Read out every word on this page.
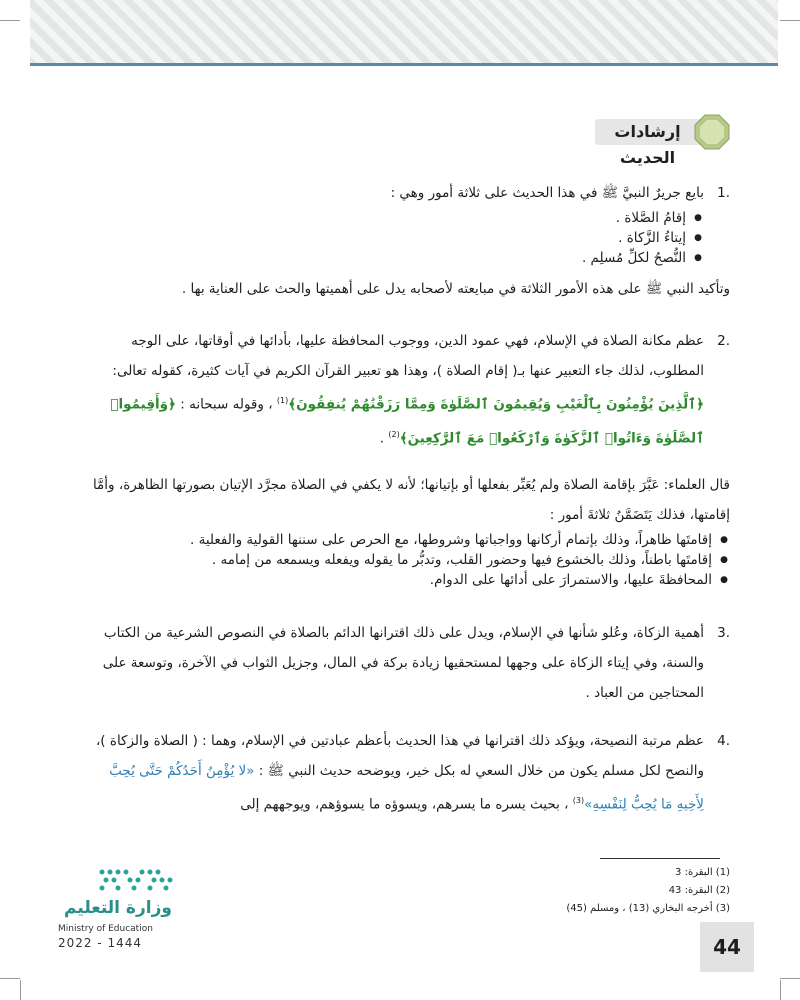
إرشادات الحديث
1.
بايع جريرٌ النبيَّ ﷺ في هذا الحديث على ثلاثة أمور وهي :
● إقامُ الصَّلاة .
● إيتاءُ الزَّكاة .
● النُّصحُ لكلِّ مُسلِم .
وتأكيد النبي ﷺ على هذه الأمور الثلاثة في مبايعته لأصحابه يدل على أهميتها والحث على العناية بها .
2.
عظم مكانة الصلاة في الإسلام، فهي عمود الدين، ووجوب المحافظة عليها، بأدائها في أوقاتها، على الوجه المطلوب، لذلك جاء التعبير عنها بـ( إقام الصلاة )، وهذا هو تعبير القرآن الكريم في آيات كثيرة، كقوله تعالى: ﴿ٱلَّذِينَ يُؤْمِنُونَ بِٱلْغَيْبِ وَيُقِيمُونَ ٱلصَّلَوٰةَ وَمِمَّا رَزَقْنَٰهُمْ يُنفِقُونَ﴾$^{(1)}$ ، وقوله سبحانه : ﴿وَأَقِيمُوا۟ ٱلصَّلَوٰةَ وَءَاتُوا۟ ٱلزَّكَوٰةَ وَٱرْكَعُوا۟ مَعَ ٱلرَّٰكِعِينَ﴾$^{(2)}$ .
قال العلماء: عَبَّرَ بإقامة الصلاة ولم يُعَبِّر بفعلها أو بإتيانها؛ لأنه لا يكفي في الصلاة مجرَّد الإتيان بصورتها الظاهرة، وأمَّا إقامتها، فذلك يَتَضَمَّنُ ثلاثةَ أمور :
● إقامتَها ظاهراً، وذلك بإتمام أركانها وواجباتها وشروطها، مع الحرص على سننها القولية والفعلية .
● إقامتَها باطناً، وذلك بالخشوع فيها وحضور القلب، وتدبُّر ما يقوله ويفعله ويسمعه من إمامه .
● المحافظةَ عليها، والاستمرارَ على أدائها على الدوام.
3.
أهمية الزكاة، وعُلو شأنها في الإسلام، ويدل على ذلك اقترانها الدائم بالصلاة في النصوص الشرعية من الكتاب والسنة، وفي إيتاء الزكاة على وجهها لمستحقيها زيادة بركة في المال، وجزيل الثواب في الآخرة، وتوسعة على المحتاجين من العباد .
4.
عظم مرتبة النصيحة، ويؤكد ذلك اقترانها في هذا الحديث بأعظم عبادتين في الإسلام، وهما : ( الصلاة والزكاة )، والنصح لكل مسلم يكون من خلال السعي له بكل خير، ويوضحه حديث النبي ﷺ : «لا يُؤْمِنُ أَحَدُكُمْ حَتَّى يُحِبَّ لِأَخِيهِ مَا يُحِبُّ لِنَفْسِهِ»$^{(3)}$ ، بحيث يسره ما يسرهم، ويسوؤه ما يسوؤهم، ويوجههم إلى
(1) البقرة: 3
(2) البقرة: 43
(3) أخرجه البخاري (13) ، ومسلم (45)
وزارة التعليم
Ministry of Education
2022 - 1444	44
